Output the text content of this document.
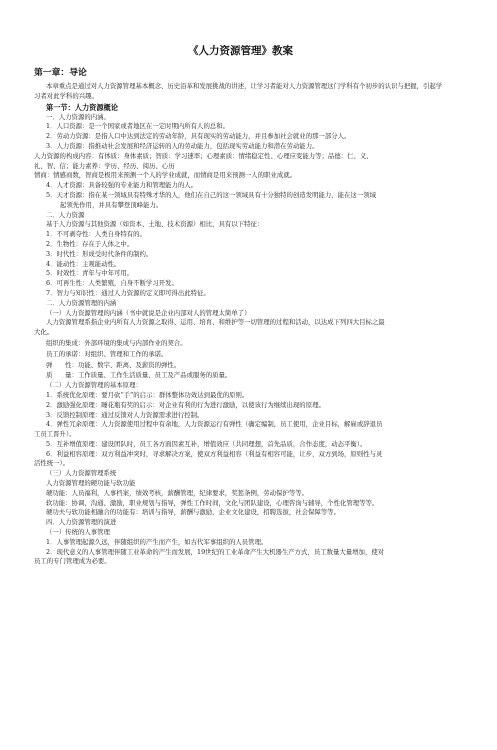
《人力资源管理》教案
第一章：导论

本章重点是通过对人力资源管理基本概念、历史沿革和发展挑战的讲述，让学习者能对人力资源管理这门学科有个初步的认识与把握，引起学习者对此学科的兴趣。

第一节：人力资源概论

一．人力资源的内涵。

1．人口资源：是一个国家或者地区在一定时期内所有人的总和。

2．劳动力资源：是指人口中达到法定的劳动年龄，具有现实的劳动能力，并且参加社会就业的那一部分人。

3．人力资源：指推动社会发展和经济运转的人的劳动能力，包括现实劳动能力和潜在劳动能力。

人力资源的构成内容：有体质：身体素质；智质：学习速率；心理素质：情绪稳定性、心理应变能力等；品德：仁、义、

礼、智、信；能力素养：学历、经历、阅历、心历

情商：情感商数，智商是极用来预测一个人的学业成就，而情商是用来预测一人的职业成就。

4．人才资源：具备较强的专业能力和管理能力的人。

5．天才资源：指在某一领域具有特殊才华的人，他们在自己的这一领域具有十分独特的创造发明能力，能在这一领域

起领先作用，并具有攀登顶峰能力。

二．人力资源

基于人力资源与其他资源（如资本、土地、技术资源）相比，具有以下特征：

1．不可剥夺性：人类自身特有的。

2．生物性：存在于人体之中。

3．时代性：形成受时代条件的制约。

4．能动性：主观能动性。

5．时效性：青年与中年可用。

6．可再生性：人类繁殖，自身不断学习开发。

7．智力与知识性：通过人力资源的定义即可得出此特征。

二．人力资源管理的内涵

（一）人力资源管理的内涵（书中就说是企业内部对人的管理太简单了）

人力资源管理系指企业内所有人力资源之取得、运用、培育、和维护等一切管理的过程和活动，以达成下列四大目标之最

大化。

组织的集成：外部环境的集成与内部作业的契合。

员工的承诺：对组织、管理和工作的承诺。

弹　　性：功能、数字、距离、及薪资的弹性。

质　　量：工作质量、工作生活质量、员工及产品或服务的质量。

（二）人力资源管理的基本原理：

1．系统优化原理：要月砍“手”的启示：群体整体功效达到最优的原则。

2．激励强化原理：睡花瓶有奖的启示：对企业有利的行为进行激励，以使该行为继续出现的原理。

3．反馈控制原理：通过反馈对人力资源需求进行控制。

4．弹性冗余原理：人力资源使用过程中有余地，人力资源运行有弹性（确定编制，员工使用，企业目标，解雇或辞退员

工员工晋升）。

5．互补增值原理：建设团队时，员工各方面因素互补，增值效应（共同理想，首先品质，合作态度，动态平衡）。

6．利益相容原理：双方利益冲突时，寻求解决方案，使双方利益相容（利益有相容可能，让步，双方到场，原则性与灵

活性统一）。

（三）人力资源管理系统

人力资源管理的硬功能与软功能

硬功能：人员福利，人事档案，绩效考核，薪酬管理，纪律要求，奖惩条例，劳动保护等等。

软功能：协调、沟通、激励，职业规划与指导，弹性工作时间，文化与团队建设，心理咨询与辅导，个性化管理等等。

硬功夫与软功能相融合的功能有：培训与指导，薪酬与激励，企业文化建设，招聘选拔，社会保障等等。

四．人力资源管理的演进

（一）传统的人事管理

1．人事管理起源久远，伴随组织的产生而产生，如古代军事组织的人员管理。

2．现代意义的人事管理伴随工业革命的产生而发展，19世纪的工业革命产生大机器生产方式，员工数量大量增加，使对

员工的专门管理成为必要。
